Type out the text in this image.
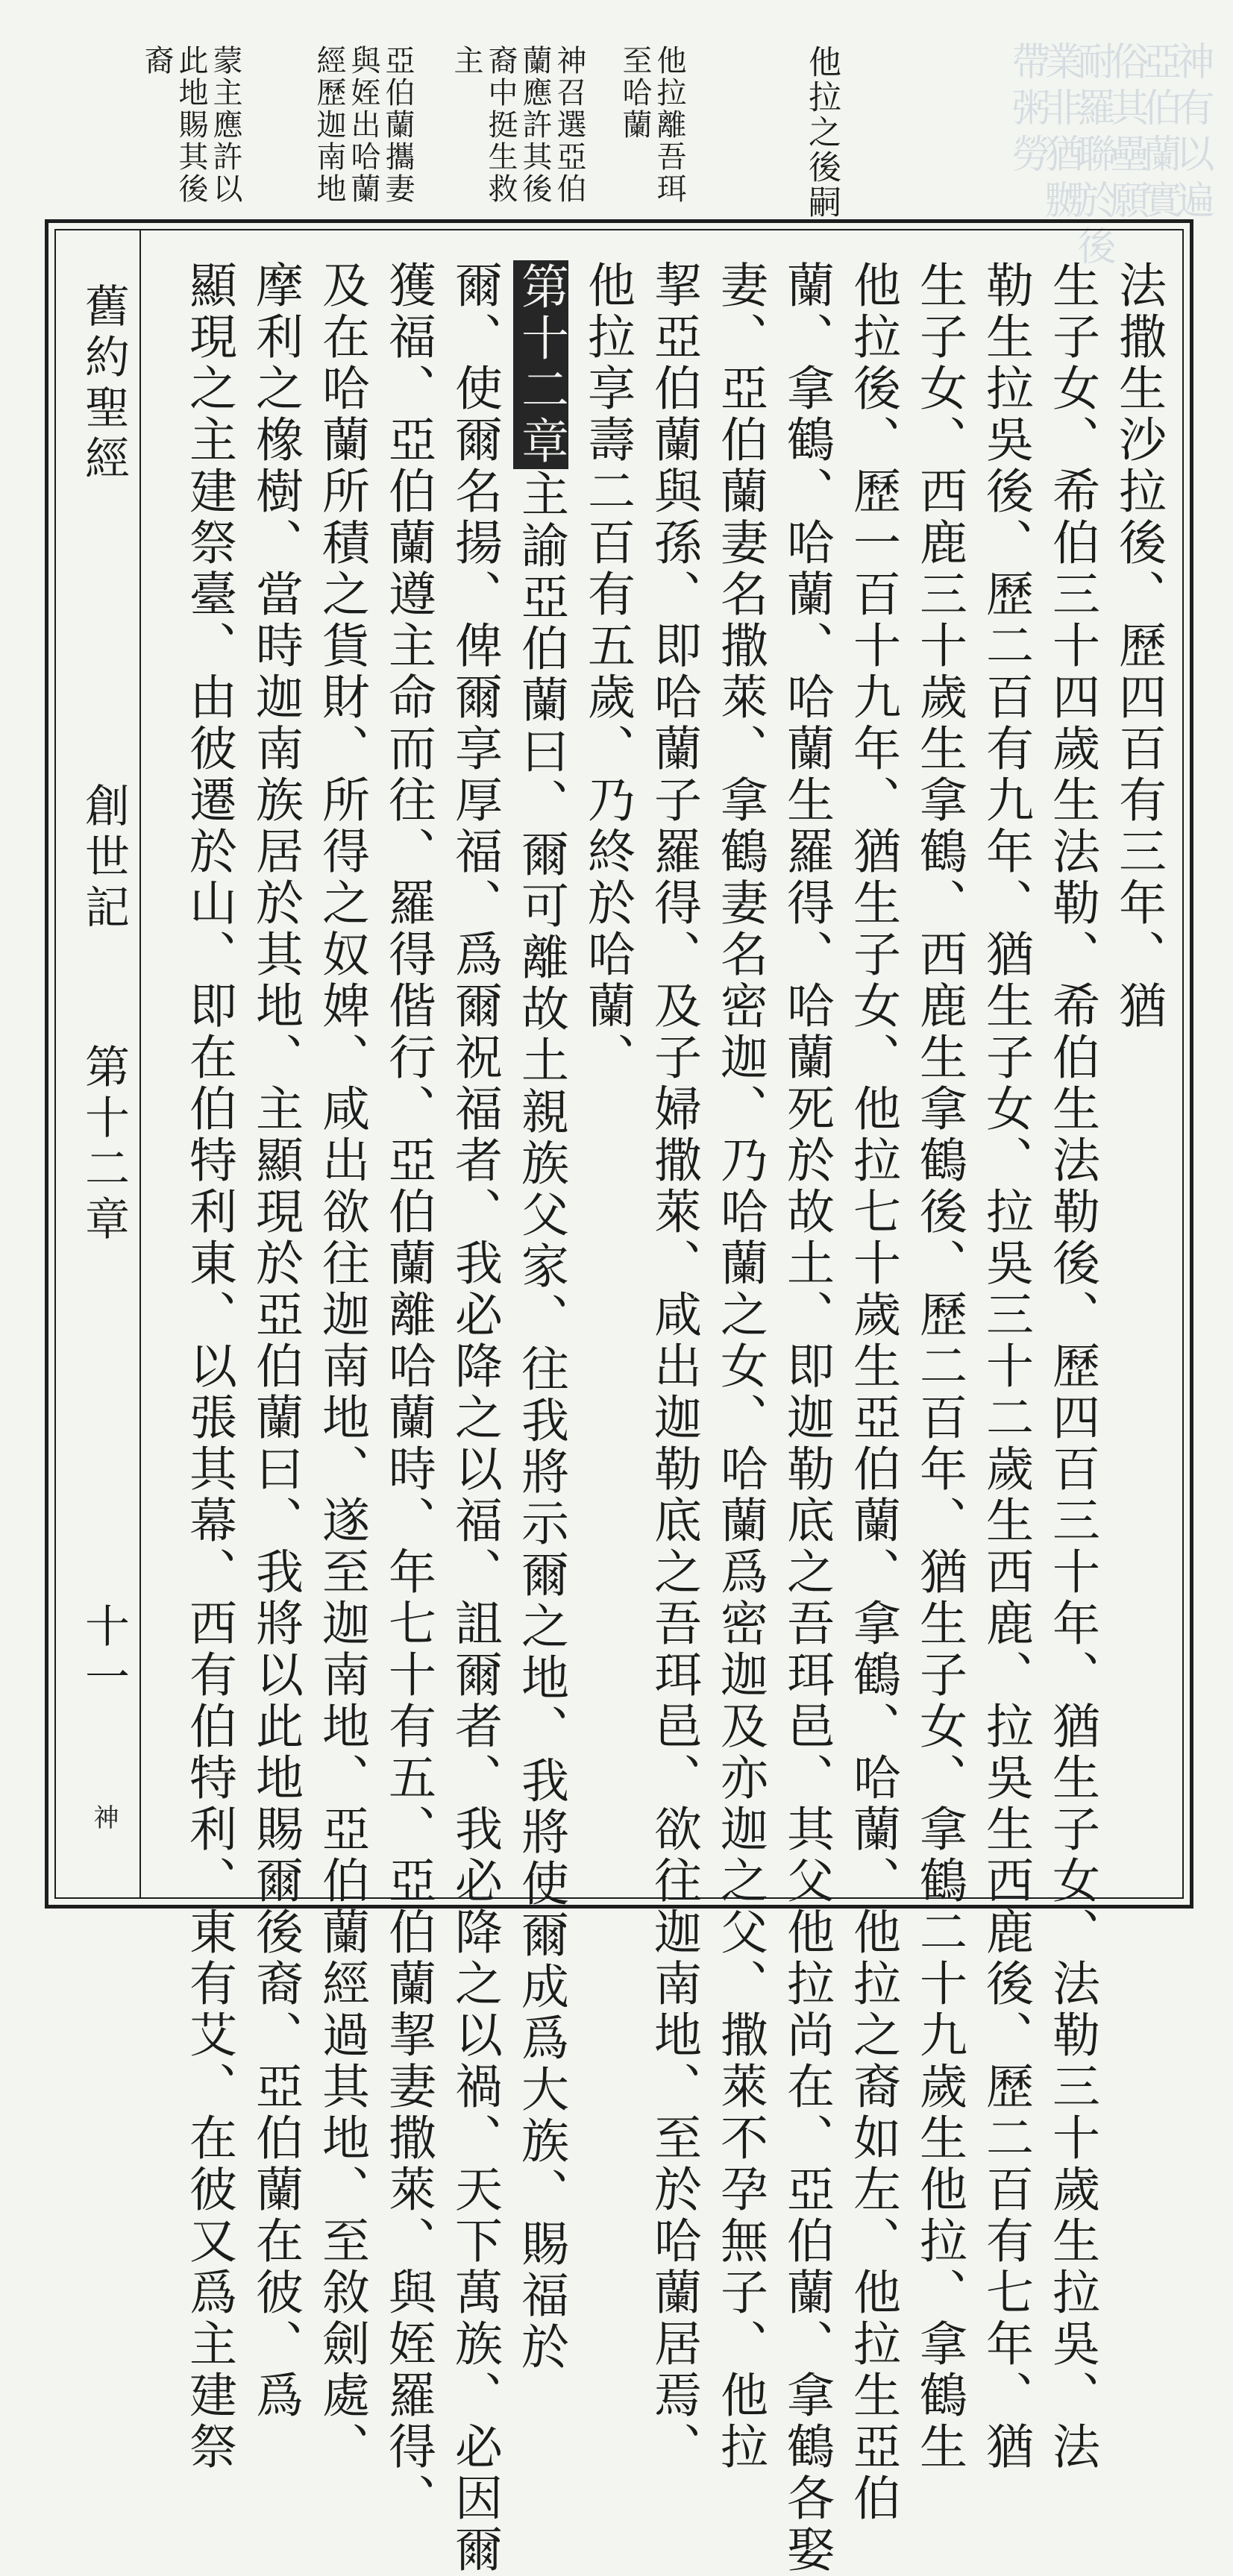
神有以遍

亞伯蘭實

俗其壘願

耐羅聯於後

業非猶嬲

帶粥勞

他拉之後嗣

他拉離吾珥至哈蘭

神召選亞伯蘭應許其後裔中挺生救主

亞伯蘭攜妻與姪出哈蘭經歷迦南地

蒙主應許以此地賜其後裔

舊約聖經

創世記

第十二章

十一

神

法撒生沙拉後、歷四百有三年、猶

生子女、希伯三十四歲生法勒、希伯生法勒後、歷四百三十年、猶生子女、法勒三十歲生拉吳、法

勒生拉吳後、歷二百有九年、猶生子女、拉吳三十二歲生西鹿、拉吳生西鹿後、歷二百有七年、猶

生子女、西鹿三十歲生拿鶴、西鹿生拿鶴後、歷二百年、猶生子女、拿鶴二十九歲生他拉、拿鶴生

他拉後、歷一百十九年、猶生子女、他拉七十歲生亞伯蘭、拿鶴、哈蘭、他拉之裔如左、他拉生亞伯

蘭、拿鶴、哈蘭、哈蘭生羅得、哈蘭死於故土、即迦勒底之吾珥邑、其父他拉尚在、亞伯蘭、拿鶴各娶

妻、亞伯蘭妻名撒萊、拿鶴妻名密迦、乃哈蘭之女、哈蘭爲密迦及亦迦之父、撒萊不孕無子、他拉

挈亞伯蘭與孫、即哈蘭子羅得、及子婦撒萊、咸出迦勒底之吾珥邑、欲往迦南地、至於哈蘭居焉、

他拉享壽二百有五歲、乃終於哈蘭、

第十二章主諭亞伯蘭曰、爾可離故土親族父家、往我將示爾之地、我將使爾成爲大族、賜福於

爾、使爾名揚、俾爾享厚福、爲爾祝福者、我必降之以福、詛爾者、我必降之以禍、天下萬族、必因爾

獲福、亞伯蘭遵主命而往、羅得偕行、亞伯蘭離哈蘭時、年七十有五、亞伯蘭挈妻撒萊、與姪羅得、

及在哈蘭所積之貨財、所得之奴婢、咸出欲往迦南地、遂至迦南地、亞伯蘭經過其地、至敘劍處、

摩利之橡樹、當時迦南族居於其地、主顯現於亞伯蘭曰、我將以此地賜爾後裔、亞伯蘭在彼、爲

顯現之主建祭臺、由彼遷於山、即在伯特利東、以張其幕、西有伯特利、東有艾、在彼又爲主建祭
